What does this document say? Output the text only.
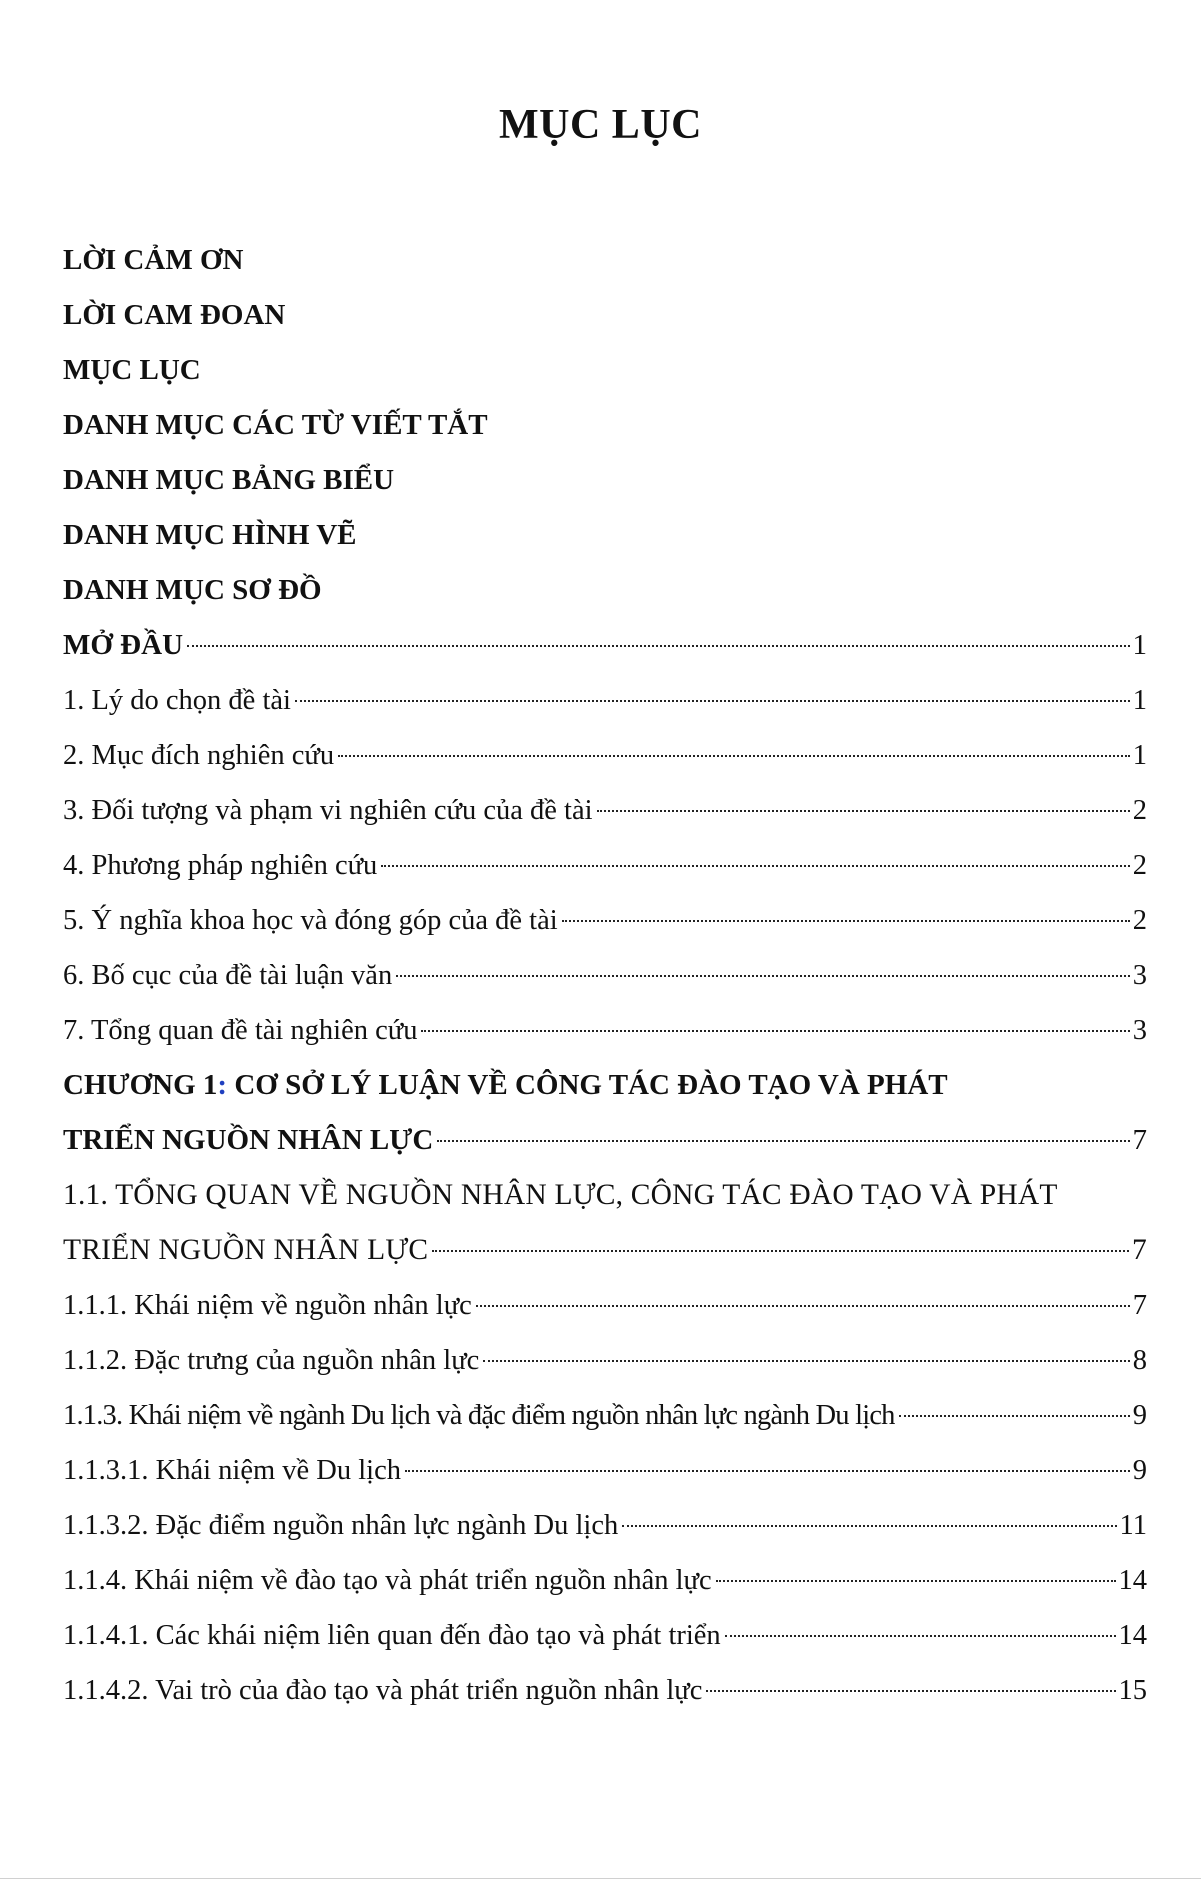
MỤC LỤC
LỜI CẢM ƠN
LỜI CAM ĐOAN
MỤC LỤC
DANH MỤC CÁC TỪ VIẾT TẮT
DANH MỤC BẢNG BIỂU
DANH MỤC HÌNH VẼ
DANH MỤC SƠ ĐỒ
MỞ ĐẦU	1
1. Lý do chọn đề tài	1
2. Mục đích nghiên cứu	1
3. Đối tượng và phạm vi nghiên cứu của đề tài	2
4. Phương pháp nghiên cứu	2
5. Ý nghĩa khoa học và đóng góp của đề tài	2
6. Bố cục của đề tài luận văn	3
7. Tổng quan đề tài nghiên cứu	3
CHƯƠNG 1: CƠ SỞ LÝ LUẬN VỀ CÔNG TÁC ĐÀO TẠO VÀ PHÁT
TRIỂN NGUỒN NHÂN LỰC	7
1.1. TỔNG QUAN VỀ NGUỒN NHÂN LỰC, CÔNG TÁC ĐÀO TẠO VÀ PHÁT
TRIỂN NGUỒN NHÂN LỰC	7
1.1.1. Khái niệm về nguồn nhân lực	7
1.1.2. Đặc trưng của nguồn nhân lực	8
1.1.3. Khái niệm về ngành Du lịch và đặc điểm nguồn nhân lực ngành Du lịch	9
1.1.3.1. Khái niệm về Du lịch	9
1.1.3.2. Đặc điểm nguồn nhân lực ngành Du lịch	11
1.1.4. Khái niệm về đào tạo và phát triển nguồn nhân lực	14
1.1.4.1. Các khái niệm liên quan đến đào tạo và phát triển	14
1.1.4.2. Vai trò của đào tạo và phát triển nguồn nhân lực	15
